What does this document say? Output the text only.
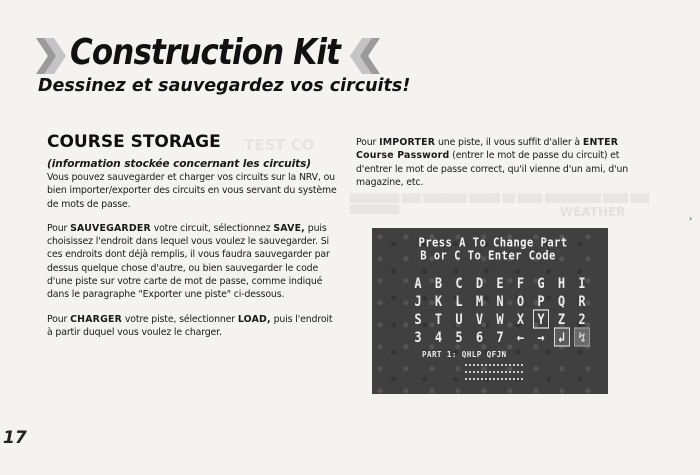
TEST CO
WEATHER
████████ ███ ███████ █████ ██ ████ █████████ ████ ███ ████████
Construction Kit
Dessinez et sauvegardez vos circuits!
COURSE STORAGE
(information stockée concernant les circuits)

Vous pouvez sauvegarder et charger vos circuits sur la NRV, ou bien importer/exporter des circuits en vous servant du système de mots de passe.

Pour SAUVEGARDER votre circuit, sélectionnez SAVE, puis choisissez l'endroit dans lequel vous voulez le sauvegarder. Si ces endroits dont déjà remplis, il vous faudra sauvegarder par dessus quelque chose d'autre, ou bien sauvegarder le code d'une piste sur votre carte de mot de passe, comme indiqué dans le paragraphe "Exporter une piste" ci-dessous.

Pour CHARGER votre piste, sélectionner LOAD, puis l'endroit à partir duquel vous voulez le charger.

Pour IMPORTER une piste, il vous suffit d'aller à ENTER Course Password (entrer le mot de passe du circuit) et d'entrer le mot de passe correct, qu'il vienne d'un ami, d'un magazine, etc.

Press A To Change Part
B or C To Enter Code
A	B	C	D	E	F	G	H	I
J	K	L	M	N	O	P	Q	R
S	T	U	V	W	X	Y	Z	2
3	4	5	6	7	←	→	↲	↯
PART 1: QHLP QFJN
›
17
